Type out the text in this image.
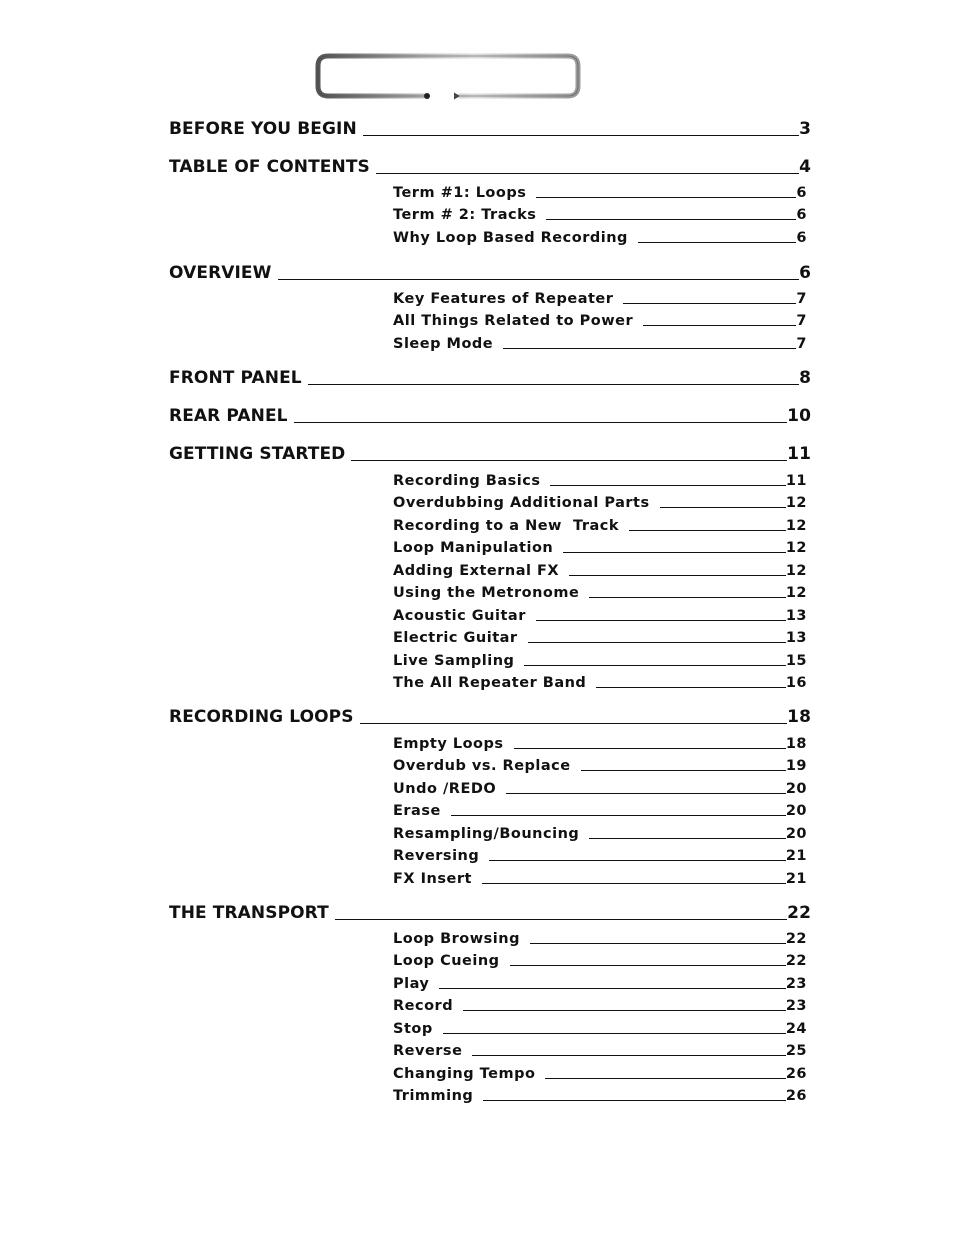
BEFORE YOU BEGIN	3
TABLE OF CONTENTS	4
Term #1: Loops	6
Term # 2: Tracks	6
Why Loop Based Recording	6
OVERVIEW	6
Key Features of Repeater	7
All Things Related to Power	7
Sleep Mode	7
FRONT PANEL	8
REAR PANEL	10
GETTING STARTED	11
Recording Basics	11
Overdubbing Additional Parts	12
Recording to a New  Track	12
Loop Manipulation	12
Adding External FX	12
Using the Metronome	12
Acoustic Guitar	13
Electric Guitar	13
Live Sampling	15
The All Repeater Band	16
RECORDING LOOPS	18
Empty Loops	18
Overdub vs. Replace	19
Undo /REDO	20
Erase	20
Resampling/Bouncing	20
Reversing	21
FX Insert	21
THE TRANSPORT	22
Loop Browsing	22
Loop Cueing	22
Play	23
Record	23
Stop	24
Reverse	25
Changing Tempo	26
Trimming	26
